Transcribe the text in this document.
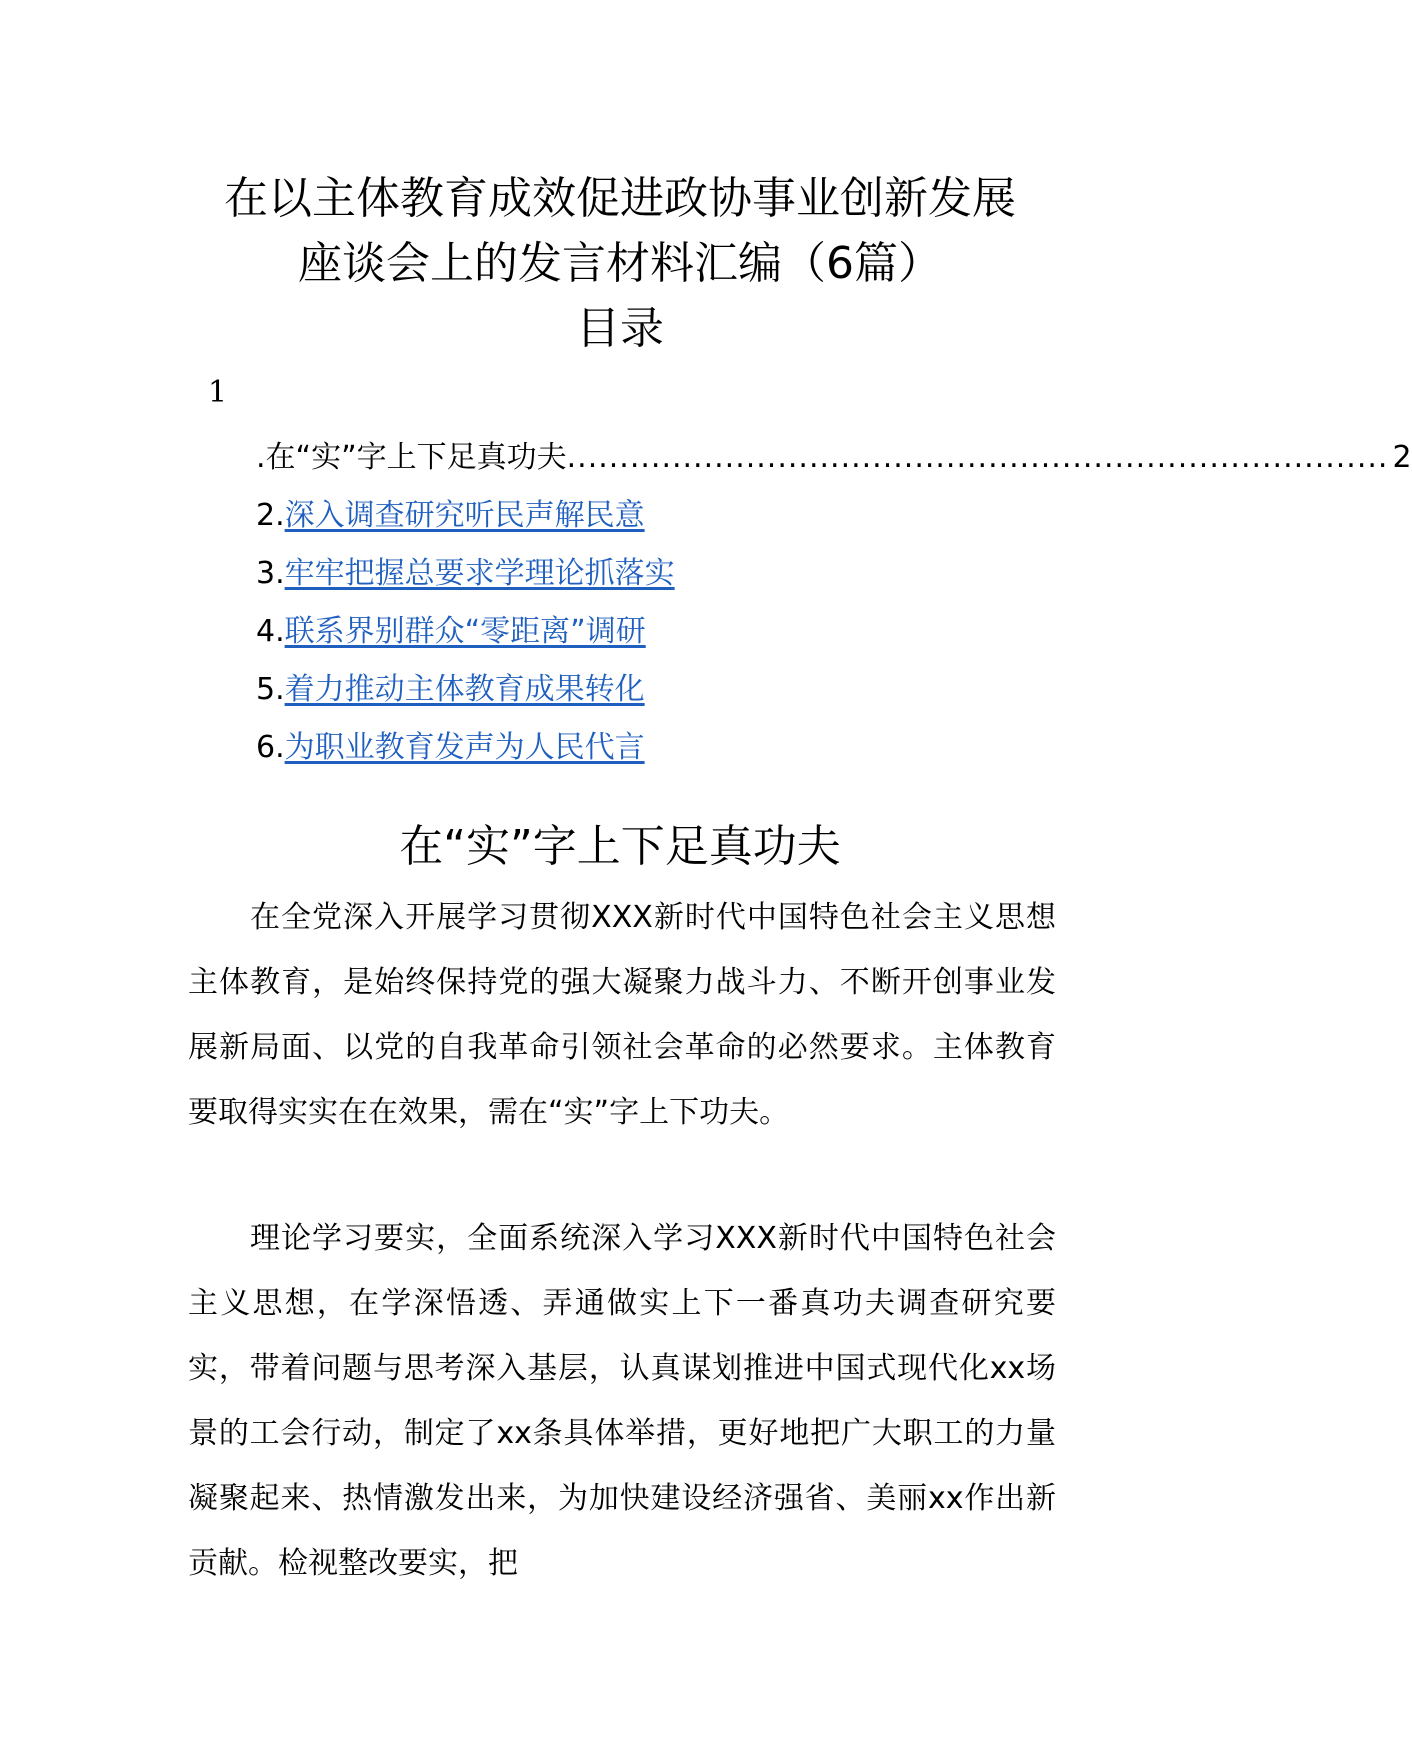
在以主体教育成效促进政协事业创新发展
座谈会上的发言材料汇编（6篇）
目录
1
.在“实”字上下足真功夫 .............................................................................. 2
2.深入调查研究听民声解民意
3.牢牢把握总要求学理论抓落实
4.联系界别群众“零距离”调研
5.着力推动主体教育成果转化
6.为职业教育发声为人民代言
在“实”字上下足真功夫

在全党深入开展学习贯彻XXX新时代中国特色社会主义思想主体教育，是始终保持党的强大凝聚力战斗力、不断开创事业发展新局面、以党的自我革命引领社会革命的必然要求。主体教育要取得实实在在效果，需在“实”字上下功夫。

理论学习要实，全面系统深入学习XXX新时代中国特色社会主义思想，在学深悟透、弄通做实上下一番真功夫调查研究要实，带着问题与思考深入基层，认真谋划推进中国式现代化xx场景的工会行动，制定了xx条具体举措，更好地把广大职工的力量凝聚起来、热情激发出来，为加快建设经济强省、美丽xx作出新贡献。检视整改要实，把
